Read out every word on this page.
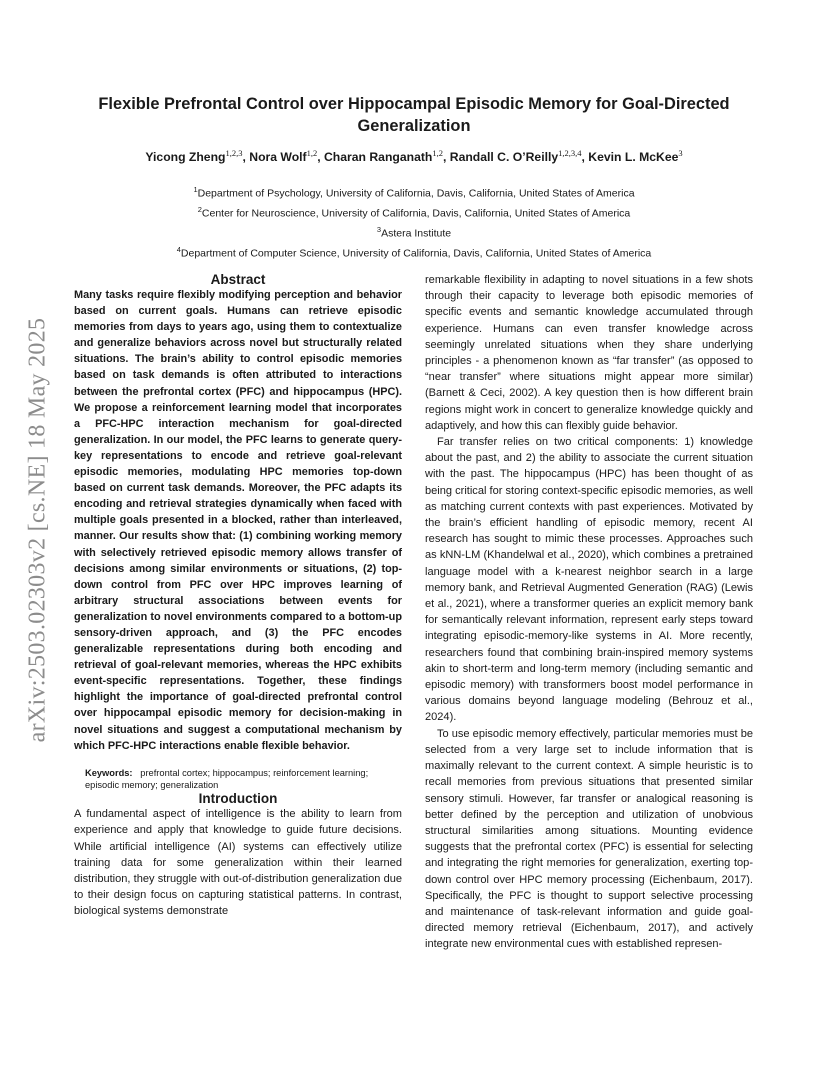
arXiv:2503.02303v2 [cs.NE] 18 May 2025
Flexible Prefrontal Control over Hippocampal Episodic Memory for Goal-Directed
Generalization
Yicong Zheng$^{1,2,3}$, Nora Wolf$^{1,2}$, Charan Ranganath$^{1,2}$, Randall C. O’Reilly$^{1,2,3,4}$, Kevin L. McKee$^3$
$^1$Department of Psychology, University of California, Davis, California, United States of America
$^2$Center for Neuroscience, University of California, Davis, California, United States of America
$^3$Astera Institute
$^4$Department of Computer Science, University of California, Davis, California, United States of America

Abstract

Many tasks require flexibly modifying perception and behavior based on current goals. Humans can retrieve episodic memories from days to years ago, using them to contextualize and generalize behaviors across novel but structurally related situations. The brain’s ability to control episodic memories based on task demands is often attributed to interactions between the prefrontal cortex (PFC) and hippocampus (HPC). We propose a reinforcement learning model that incorporates a PFC-HPC interaction mechanism for goal-directed generalization. In our model, the PFC learns to generate query-key representations to encode and retrieve goal-relevant episodic memories, modulating HPC memories top-down based on current task demands. Moreover, the PFC adapts its encoding and retrieval strategies dynamically when faced with multiple goals presented in a blocked, rather than interleaved, manner. Our results show that: (1) combining working memory with selectively retrieved episodic memory allows transfer of decisions among similar environments or situations, (2) top-down control from PFC over HPC improves learning of arbitrary structural associations between events for generalization to novel environments compared to a bottom-up sensory-driven approach, and (3) the PFC encodes generalizable representations during both encoding and retrieval of goal-relevant memories, whereas the HPC exhibits event-specific representations. Together, these findings highlight the importance of goal-directed prefrontal control over hippocampal episodic memory for decision-making in novel situations and suggest a computational mechanism by which PFC-HPC interactions enable flexible behavior.

Keywords: prefrontal cortex; hippocampus; reinforcement learning; episodic memory; generalization

Introduction

A fundamental aspect of intelligence is the ability to learn from experience and apply that knowledge to guide future decisions. While artificial intelligence (AI) systems can effectively utilize training data for some generalization within their learned distribution, they struggle with out-of-distribution generalization due to their design focus on capturing statistical patterns. In contrast, biological systems demonstrate

remarkable flexibility in adapting to novel situations in a few shots through their capacity to leverage both episodic memories of specific events and semantic knowledge accumulated through experience. Humans can even transfer knowledge across seemingly unrelated situations when they share underlying principles - a phenomenon known as “far transfer” (as opposed to “near transfer” where situations might appear more similar) (Barnett & Ceci, 2002). A key question then is how different brain regions might work in concert to generalize knowledge quickly and adaptively, and how this can flexibly guide behavior.

Far transfer relies on two critical components: 1) knowledge about the past, and 2) the ability to associate the current situation with the past. The hippocampus (HPC) has been thought of as being critical for storing context-specific episodic memories, as well as matching current contexts with past experiences. Motivated by the brain’s efficient handling of episodic memory, recent AI research has sought to mimic these processes. Approaches such as kNN-LM (Khandelwal et al., 2020), which combines a pretrained language model with a k-nearest neighbor search in a large memory bank, and Retrieval Augmented Generation (RAG) (Lewis et al., 2021), where a transformer queries an explicit memory bank for semantically relevant information, represent early steps toward integrating episodic-memory-like systems in AI. More recently, researchers found that combining brain-inspired memory systems akin to short-term and long-term memory (including semantic and episodic memory) with transformers boost model performance in various domains beyond language modeling (Behrouz et al., 2024).

To use episodic memory effectively, particular memories must be selected from a very large set to include information that is maximally relevant to the current context. A simple heuristic is to recall memories from previous situations that presented similar sensory stimuli. However, far transfer or analogical reasoning is better defined by the perception and utilization of unobvious structural similarities among situations. Mounting evidence suggests that the prefrontal cortex (PFC) is essential for selecting and integrating the right memories for generalization, exerting top-down control over HPC memory processing (Eichenbaum, 2017). Specifically, the PFC is thought to support selective processing and maintenance of task-relevant information and guide goal-directed memory retrieval (Eichenbaum, 2017), and actively integrate new environmental cues with established represen-
